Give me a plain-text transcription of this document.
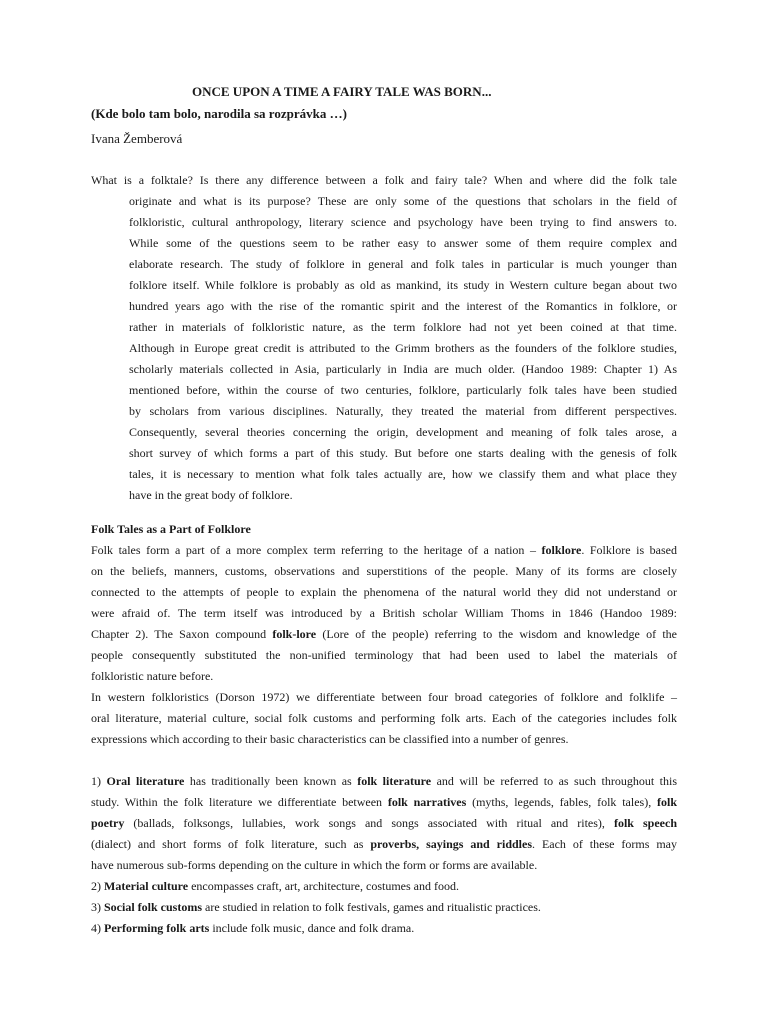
ONCE UPON A TIME A FAIRY TALE WAS BORN...
(Kde bolo tam bolo, narodila sa rozprávka …)
Ivana Žemberová
What is a folktale? Is there any difference between a folk and fairy tale? When and where did the folk tale
originate and what is its purpose? These are only some of the questions that scholars in the field of
folkloristic, cultural anthropology, literary science and psychology have been trying to find answers to.
While some of the questions seem to be rather easy to answer some of them require complex and
elaborate research. The study of folklore in general and folk tales in particular is much younger than
folklore itself. While folklore is probably as old as mankind, its study in Western culture began about two
hundred years ago with the rise of the romantic spirit and the interest of the Romantics in folklore, or
rather in materials of folkloristic nature, as the term folklore had not yet been coined at that time.
Although in Europe great credit is attributed to the Grimm brothers as the founders of the folklore studies,
scholarly materials collected in Asia, particularly in India are much older. (Handoo 1989: Chapter 1) As
mentioned before, within the course of two centuries, folklore, particularly folk tales have been studied
by scholars from various disciplines. Naturally, they treated the material from different perspectives.
Consequently, several theories concerning the origin, development and meaning of folk tales arose, a
short survey of which forms a part of this study. But before one starts dealing with the genesis of folk
tales, it is necessary to mention what folk tales actually are, how we classify them and what place they
have in the great body of folklore.
Folk Tales as a Part of Folklore
Folk tales form a part of a more complex term referring to the heritage of a nation – folklore. Folklore is based
on the beliefs, manners, customs, observations and superstitions of the people. Many of its forms are closely
connected to the attempts of people to explain the phenomena of the natural world they did not understand or
were afraid of. The term itself was introduced by a British scholar William Thoms in 1846 (Handoo 1989:
Chapter 2). The Saxon compound folk-lore (Lore of the people) referring to the wisdom and knowledge of the
people consequently substituted the non-unified terminology that had been used to label the materials of
folkloristic nature before.
In western folkloristics (Dorson 1972) we differentiate between four broad categories of folklore and folklife –
oral literature, material culture, social folk customs and performing folk arts. Each of the categories includes folk
expressions which according to their basic characteristics can be classified into a number of genres.
1) Oral literature has traditionally been known as folk literature and will be referred to as such throughout this
study. Within the folk literature we differentiate between folk narratives (myths, legends, fables, folk tales), folk
poetry (ballads, folksongs, lullabies, work songs and songs associated with ritual and rites), folk speech
(dialect) and short forms of folk literature, such as proverbs, sayings and riddles. Each of these forms may
have numerous sub-forms depending on the culture in which the form or forms are available.
2) Material culture encompasses craft, art, architecture, costumes and food.
3) Social folk customs are studied in relation to folk festivals, games and ritualistic practices.
4) Performing folk arts include folk music, dance and folk drama.
